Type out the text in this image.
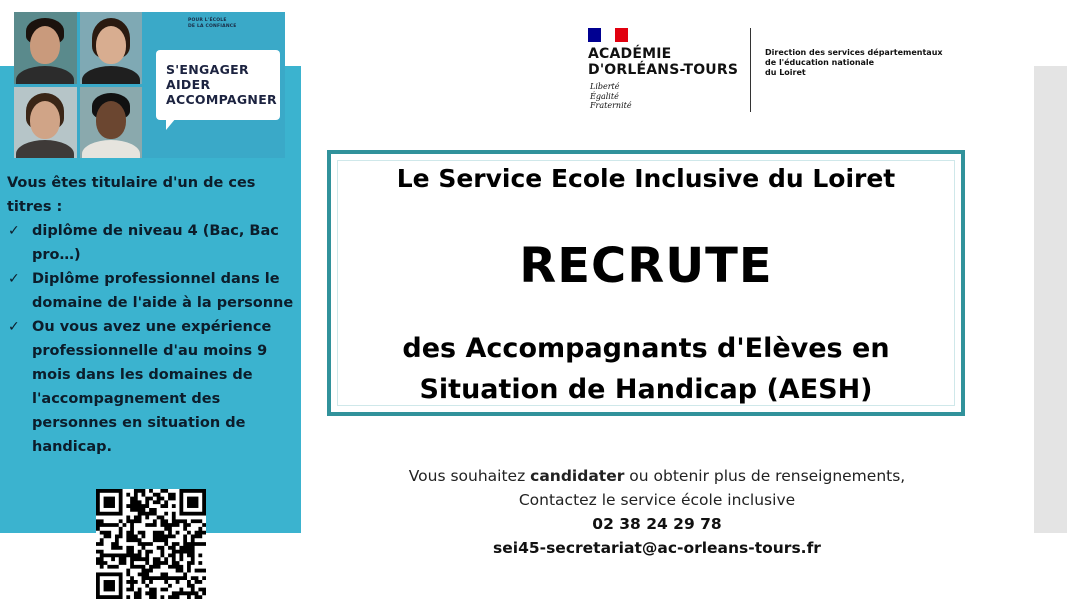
POUR L'ÉCOLE
DE LA CONFIANCE
S'ENGAGER
AIDER
ACCOMPAGNER

Vous êtes titulaire d'un de ces titres :

✓ diplôme de niveau 4 (Bac, Bac pro…)
✓ Diplôme professionnel dans le domaine de l'aide à la personne
✓ Ou vous avez une expérience professionnelle d'au moins 9 mois dans les domaines de l'accompagnement des personnes en situation de handicap.
ACADÉMIE
D'ORLÉANS-TOURS
Liberté
Égalité
Fraternité
Direction des services départementaux
de l'éducation nationale
du Loiret
Le Service Ecole Inclusive du Loiret
RECRUTE
des Accompagnants d'Elèves en
Situation de Handicap (AESH)
Vous souhaitez candidater ou obtenir plus de renseignements,
Contactez le service école inclusive
02 38 24 29 78
sei45-secretariat@ac-orleans-tours.fr
